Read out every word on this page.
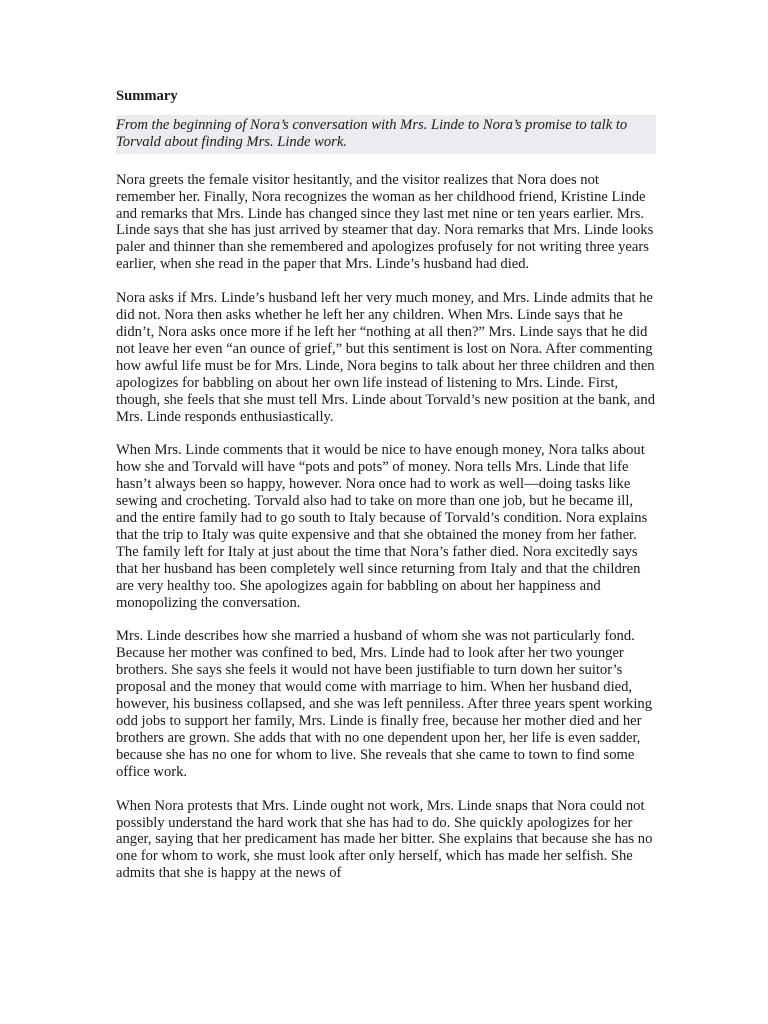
Summary
From the beginning of Nora’s conversation with Mrs. Linde to Nora’s promise to talk to Torvald about finding Mrs. Linde work.

Nora greets the female visitor hesitantly, and the visitor realizes that Nora does not remember her. Finally, Nora recognizes the woman as her childhood friend, Kristine Linde and remarks that Mrs. Linde has changed since they last met nine or ten years earlier. Mrs. Linde says that she has just arrived by steamer that day. Nora remarks that Mrs. Linde looks paler and thinner than she remembered and apologizes profusely for not writing three years earlier, when she read in the paper that Mrs. Linde’s husband had died.

Nora asks if Mrs. Linde’s husband left her very much money, and Mrs. Linde admits that he did not. Nora then asks whether he left her any children. When Mrs. Linde says that he didn’t, Nora asks once more if he left her “nothing at all then?” Mrs. Linde says that he did not leave her even “an ounce of grief,” but this sentiment is lost on Nora. After commenting how awful life must be for Mrs. Linde, Nora begins to talk about her three children and then apologizes for babbling on about her own life instead of listening to Mrs. Linde. First, though, she feels that she must tell Mrs. Linde about Torvald’s new position at the bank, and Mrs. Linde responds enthusiastically.

When Mrs. Linde comments that it would be nice to have enough money, Nora talks about how she and Torvald will have “pots and pots” of money. Nora tells Mrs. Linde that life hasn’t always been so happy, however. Nora once had to work as well—doing tasks like sewing and crocheting. Torvald also had to take on more than one job, but he became ill, and the entire family had to go south to Italy because of Torvald’s condition. Nora explains that the trip to Italy was quite expensive and that she obtained the money from her father. The family left for Italy at just about the time that Nora’s father died. Nora excitedly says that her husband has been completely well since returning from Italy and that the children are very healthy too. She apologizes again for babbling on about her happiness and monopolizing the conversation.

Mrs. Linde describes how she married a husband of whom she was not particularly fond. Because her mother was confined to bed, Mrs. Linde had to look after her two younger brothers. She says she feels it would not have been justifiable to turn down her suitor’s proposal and the money that would come with marriage to him. When her husband died, however, his business collapsed, and she was left penniless. After three years spent working odd jobs to support her family, Mrs. Linde is finally free, because her mother died and her brothers are grown. She adds that with no one dependent upon her, her life is even sadder, because she has no one for whom to live. She reveals that she came to town to find some office work.

When Nora protests that Mrs. Linde ought not work, Mrs. Linde snaps that Nora could not possibly understand the hard work that she has had to do. She quickly apologizes for her anger, saying that her predicament has made her bitter. She explains that because she has no one for whom to work, she must look after only herself, which has made her selfish. She admits that she is happy at the news of
